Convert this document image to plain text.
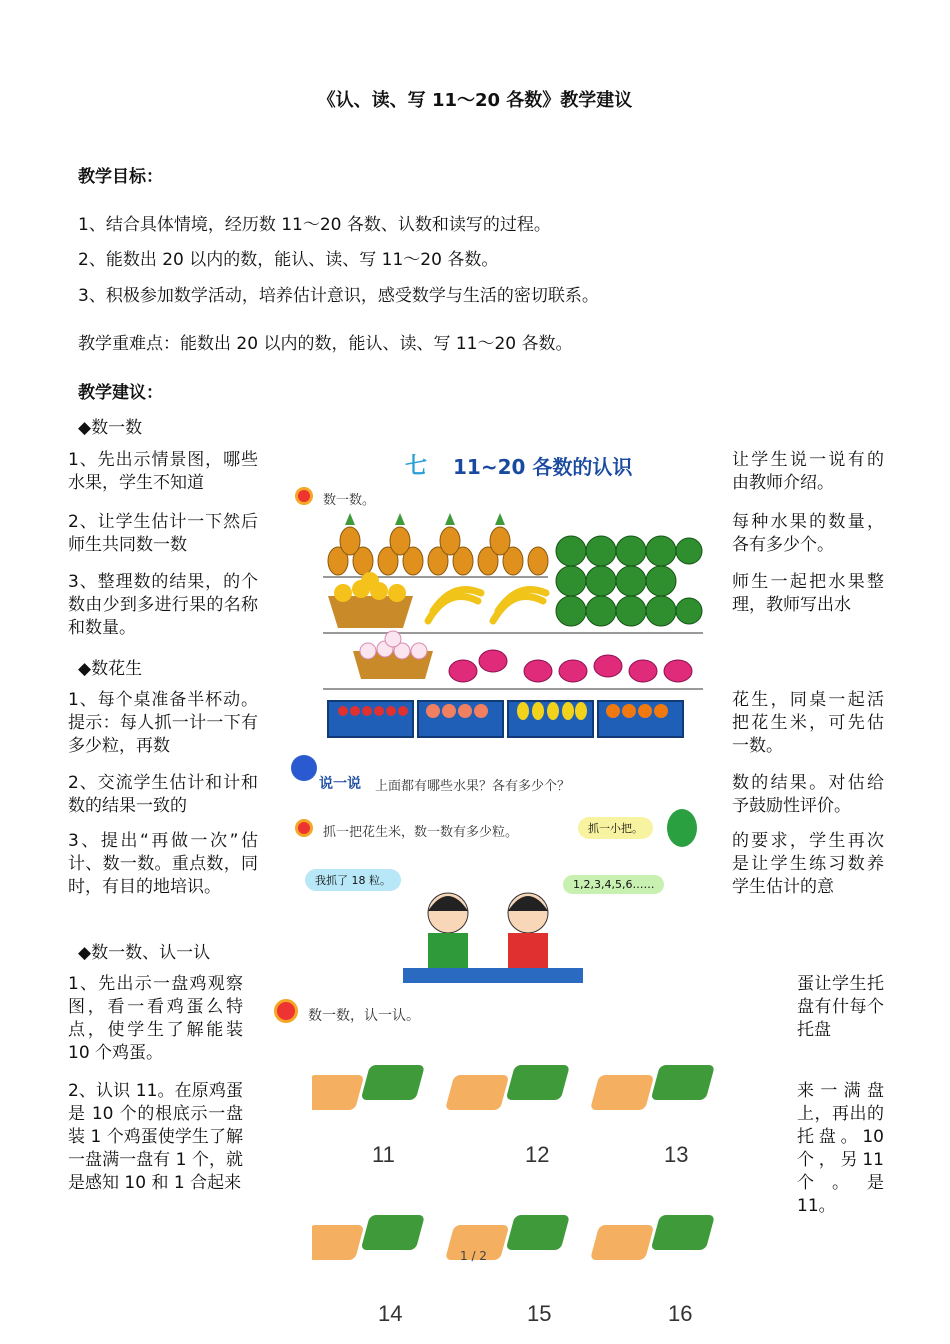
《认、读、写 11～20 各数》教学建议
教学目标：
1、结合具体情境，经历数 11～20 各数、认数和读写的过程。
2、能数出 20 以内的数，能认、读、写 11～20 各数。
3、积极参加数学活动，培养估计意识，感受数学与生活的密切联系。
教学重难点：能数出 20 以内的数，能认、读、写 11～20 各数。
教学建议：
◆数一数
1、先出示情景图，哪些水果，学生不知道
2、让学生估计一下然后师生共同数一数
3、整理数的结果，的个数由少到多进行果的名称和数量。
让学生说一说有的由教师介绍。
每种水果的数量，各有多少个。
师生一起把水果整理，教师写出水
◆数花生
1、每个桌准备半杯动。提示：每人抓一计一下有多少粒，再数
2、交流学生估计和计和数的结果一致的
3、提出“再做一次”估计、数一数。重点数，同时，有目的地培识。
花生，同桌一起活把花生米，可先估一数。
数的结果。对估给予鼓励性评价。
的要求，学生再次是让学生练习数养学生估计的意
◆数一数、认一认
1、先出示一盘鸡观察图，看一看鸡蛋么特点，使学生了解能装 10 个鸡蛋。
2、认识 11。在原鸡蛋是 10 个的根底示一盘装 1 个鸡蛋使学生了解一盘满一盘有 1 个，就是感知 10 和 1 合起来
蛋让学生托盘有什每个托盘
来一满盘上，再出的托盘。10 个，另11 个。是 11。
七 11~20 各数的认识
数一数。
说一说 上面都有哪些水果？各有多少个？
抓一把花生米，数一数有多少粒。	抓一小把。
我抓了 18 粒。	1,2,3,4,5,6……
数一数，认一认。
11	12	13
14	15	16
1 / 2
